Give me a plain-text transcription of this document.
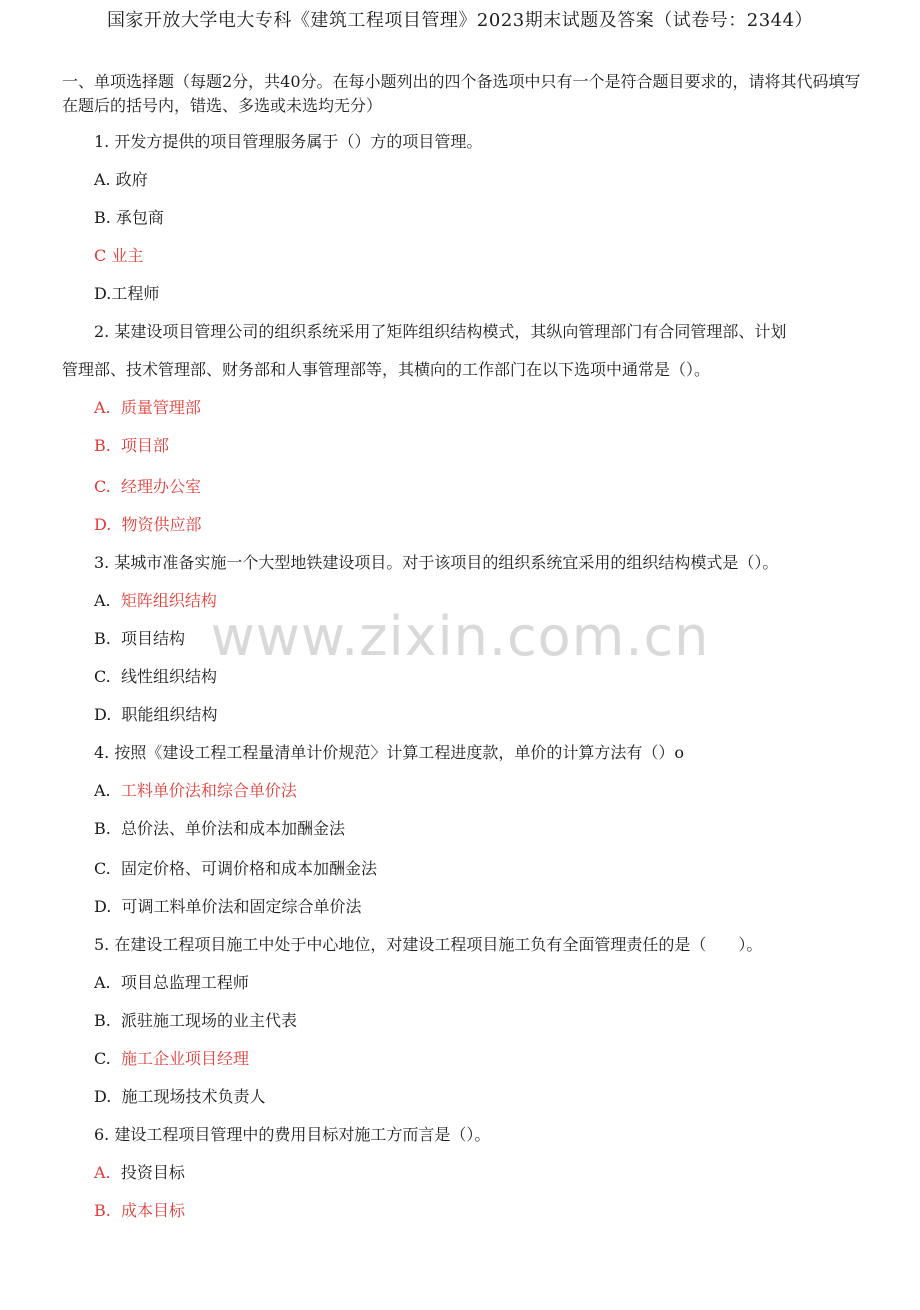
国家开放大学电大专科《建筑工程项目管理》2023期末试题及答案（试卷号：2344）
一、单项选择题（每题2分，共40分。在每小题列出的四个备选项中只有一个是符合题目要求的，请将其代码填写在题后的括号内，错选、多选或未选均无分）
1. 开发方提供的项目管理服务属于（）方的项目管理。
A. 政府
B. 承包商
C 业主
D.工程师
2. 某建设项目管理公司的组织系统采用了矩阵组织结构模式，其纵向管理部门有合同管理部、计划
管理部、技术管理部、财务部和人事管理部等，其横向的工作部门在以下选项中通常是（）。
A. 质量管理部
B. 项目部
C. 经理办公室
D. 物资供应部
3. 某城市准备实施一个大型地铁建设项目。对于该项目的组织系统宜采用的组织结构模式是（）。
A. 矩阵组织结构
B. 项目结构
C. 线性组织结构
D. 职能组织结构
4. 按照《建设工程工程量清单计价规范〉计算工程进度款，单价的计算方法有（）o
A. 工料单价法和综合单价法
B. 总价法、单价法和成本加酬金法
C. 固定价格、可调价格和成本加酬金法
D. 可调工料单价法和固定综合单价法
5. 在建设工程项目施工中处于中心地位，对建设工程项目施工负有全面管理责任的是（　　）。
A. 项目总监理工程师
B. 派驻施工现场的业主代表
C. 施工企业项目经理
D. 施工现场技术负责人
6. 建设工程项目管理中的费用目标对施工方而言是（）。
A. 投资目标
B. 成本目标
www.zixin.com.cn
